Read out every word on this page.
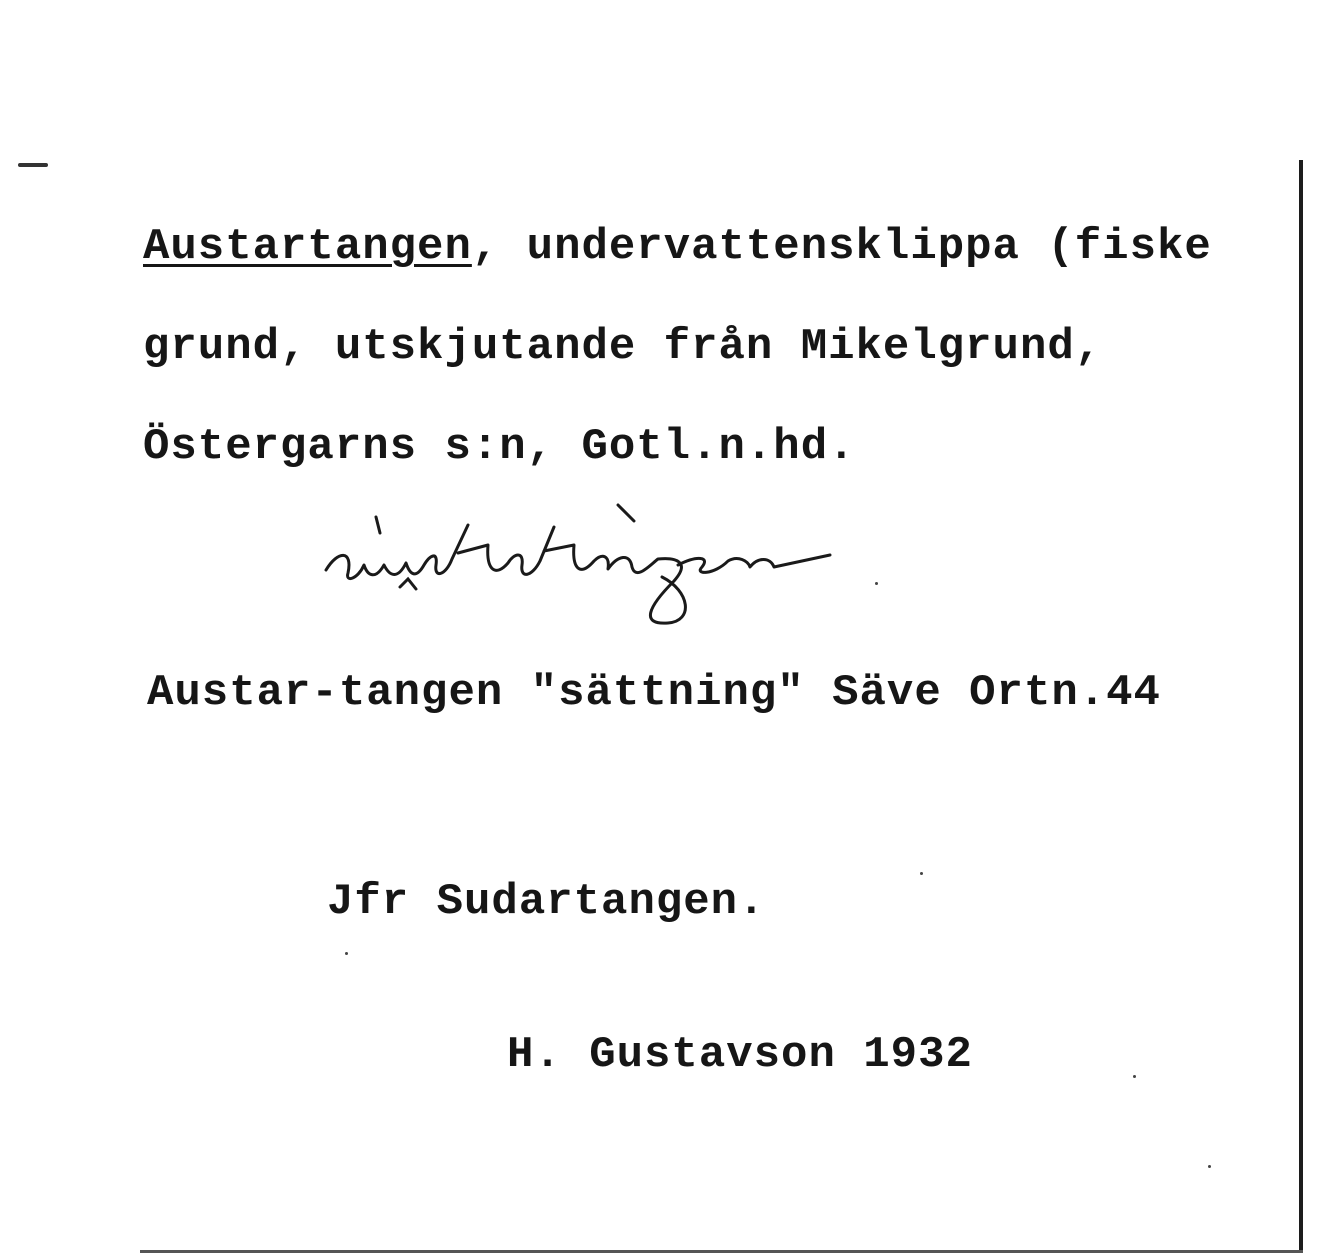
Austartangen, undervattensklippa (fiske
grund, utskjutande från Mikelgrund,
Östergarns s:n, Gotl.n.hd.
Austar-tangen "sättning" Säve Ortn.44
Jfr Sudartangen.
H. Gustavson 1932
